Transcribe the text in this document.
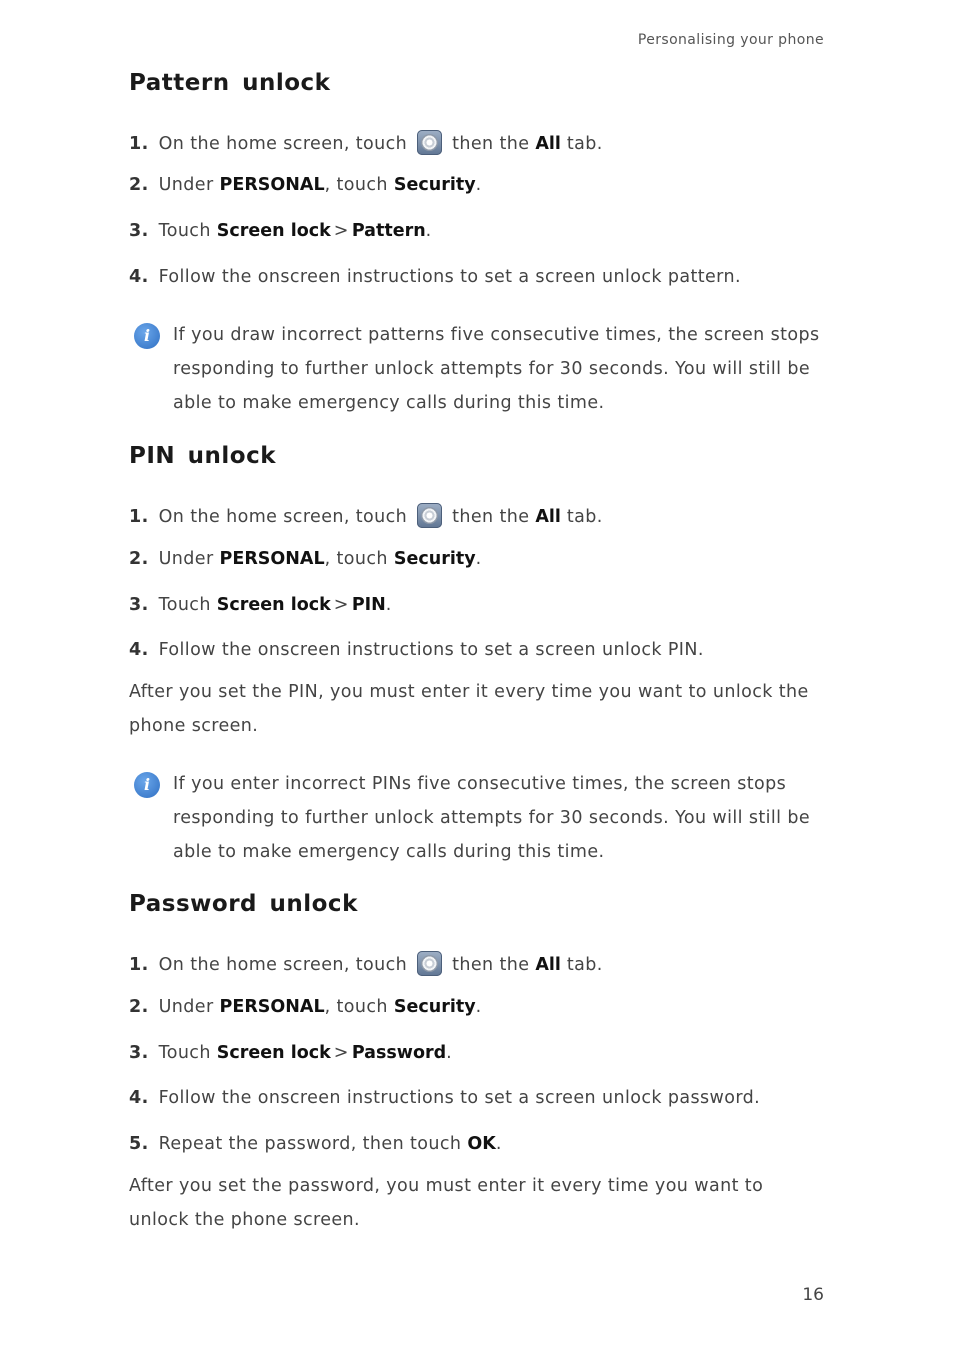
Personalising your phone
Pattern unlock
1. On the home screen, touch	then the All tab.
2. Under PERSONAL, touch Security.
3. Touch Screen lock > Pattern.
4. Follow the onscreen instructions to set a screen unlock pattern.
i	If you draw incorrect patterns five consecutive times, the screen stops responding to further unlock attempts for 30 seconds. You will still be able to make emergency calls during this time.

PIN unlock
1. On the home screen, touch	then the All tab.
2. Under PERSONAL, touch Security.
3. Touch Screen lock > PIN.
4. Follow the onscreen instructions to set a screen unlock PIN.

After you set the PIN, you must enter it every time you want to unlock the phone screen.

i	If you enter incorrect PINs five consecutive times, the screen stops responding to further unlock attempts for 30 seconds. You will still be able to make emergency calls during this time.

Password unlock
1. On the home screen, touch	then the All tab.
2. Under PERSONAL, touch Security.
3. Touch Screen lock > Password.
4. Follow the onscreen instructions to set a screen unlock password.
5. Repeat the password, then touch OK.

After you set the password, you must enter it every time you want to unlock the phone screen.

16
